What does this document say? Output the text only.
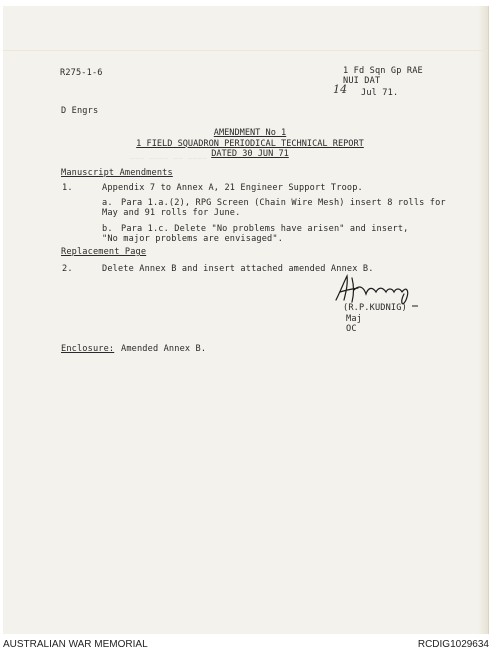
~~~ ~~~~ ~~ ~~~~
R275-1-6	1 Fd Sqn Gp RAE
NUI DAT
14 Jul 71.
D Engrs
AMENDMENT No 1
1 FIELD SQUADRON PERIODICAL TECHNICAL REPORT
DATED 30 JUN 71
Manuscript Amendments
1.	Appendix 7 to Annex A, 21 Engineer Support Troop.
a. Para 1.a.(2), RPG Screen (Chain Wire Mesh) insert 8 rolls for
May and 91 rolls for June.
b. Para 1.c. Delete "No problems have arisen" and insert,
"No major problems are envisaged".
Replacement Page
2.	Delete Annex B and insert attached amended Annex B.
(R.P.KUDNIG)
Maj
OC
Enclosure: Amended Annex B.
AUSTRALIAN WAR MEMORIAL	RCDIG1029634
